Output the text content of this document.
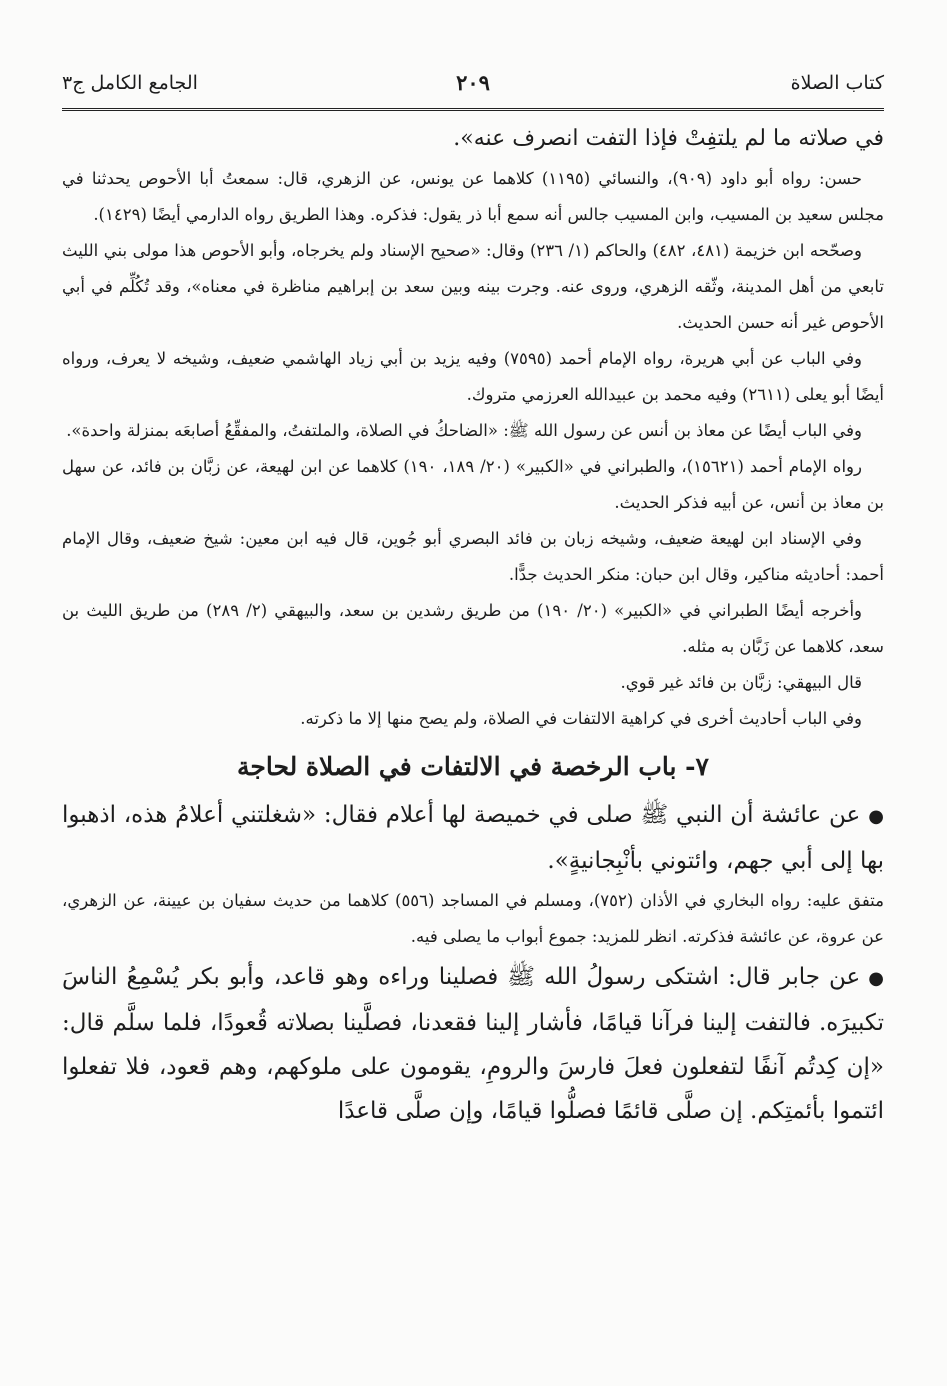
كتاب الصلاة
٢٠٩
الجامع الكامل ج٣

في صلاته ما لم يلتفِتْ فإذا التفت انصرف عنه».

حسن: رواه أبو داود (٩٠٩)، والنسائي (١١٩٥) كلاهما عن يونس، عن الزهري، قال: سمعتُ أبا الأحوص يحدثنا في مجلس سعيد بن المسيب، وابن المسيب جالس أنه سمع أبا ذر يقول: فذكره. وهذا الطريق رواه الدارمي أيضًا (١٤٢٩).

وصحّحه ابن خزيمة (٤٨١، ٤٨٢) والحاكم (١/ ٢٣٦) وقال: «صحيح الإسناد ولم يخرجاه، وأبو الأحوص هذا مولى بني الليث تابعي من أهل المدينة، وثّقه الزهري، وروى عنه. وجرت بينه وبين سعد بن إبراهيم مناظرة في معناه»، وقد تُكُلِّم في أبي الأحوص غير أنه حسن الحديث.

وفي الباب عن أبي هريرة، رواه الإمام أحمد (٧٥٩٥) وفيه يزيد بن أبي زياد الهاشمي ضعيف، وشيخه لا يعرف، ورواه أيضًا أبو يعلى (٢٦١١) وفيه محمد بن عبيدالله العرزمي متروك.

وفي الباب أيضًا عن معاذ بن أنس عن رسول الله ﷺ: «الضاحكُ في الصلاة، والملتفتُ، والمفقِّعُ أصابعَه بمنزلة واحدة».

رواه الإمام أحمد (١٥٦٢١)، والطبراني في «الكبير» (٢٠/ ١٨٩، ١٩٠) كلاهما عن ابن لهيعة، عن زبَّان بن فائد، عن سهل بن معاذ بن أنس، عن أبيه فذكر الحديث.

وفي الإسناد ابن لهيعة ضعيف، وشيخه زبان بن فائد البصري أبو جُوين، قال فيه ابن معين: شيخ ضعيف، وقال الإمام أحمد: أحاديثه مناكير، وقال ابن حبان: منكر الحديث جدًّا.

وأخرجه أيضًا الطبراني في «الكبير» (٢٠/ ١٩٠) من طريق رشدين بن سعد، والبيهقي (٢/ ٢٨٩) من طريق الليث بن سعد، كلاهما عن زَبَّان به مثله.

قال البيهقي: زبَّان بن فائد غير قوي.

وفي الباب أحاديث أخرى في كراهية الالتفات في الصلاة، ولم يصح منها إلا ما ذكرته.

٧- باب الرخصة في الالتفات في الصلاة لحاجة

●عن عائشة أن النبي ﷺ صلى في خميصة لها أعلام فقال: «شغلتني أعلامُ هذه، اذهبوا بها إلى أبي جهم، وائتوني بأنْبِجانيةٍ».

متفق عليه: رواه البخاري في الأذان (٧٥٢)، ومسلم في المساجد (٥٥٦) كلاهما من حديث سفيان بن عيينة، عن الزهري، عن عروة، عن عائشة فذكرته. انظر للمزيد: جموع أبواب ما يصلى فيه.

●عن جابر قال: اشتكى رسولُ الله ﷺ فصلينا وراءه وهو قاعد، وأبو بكر يُسْمِعُ الناسَ تكبيرَه. فالتفت إلينا فرآنا قيامًا، فأشار إلينا فقعدنا، فصلَّينا بصلاته قُعودًا، فلما سلَّم قال: «إن كِدتُم آنفًا لتفعلون فعلَ فارسَ والرومِ، يقومون على ملوكهم، وهم قعود، فلا تفعلوا ائتموا بأئمتِكم. إن صلَّى قائمًا فصلُّوا قيامًا، وإن صلَّى قاعدًا
